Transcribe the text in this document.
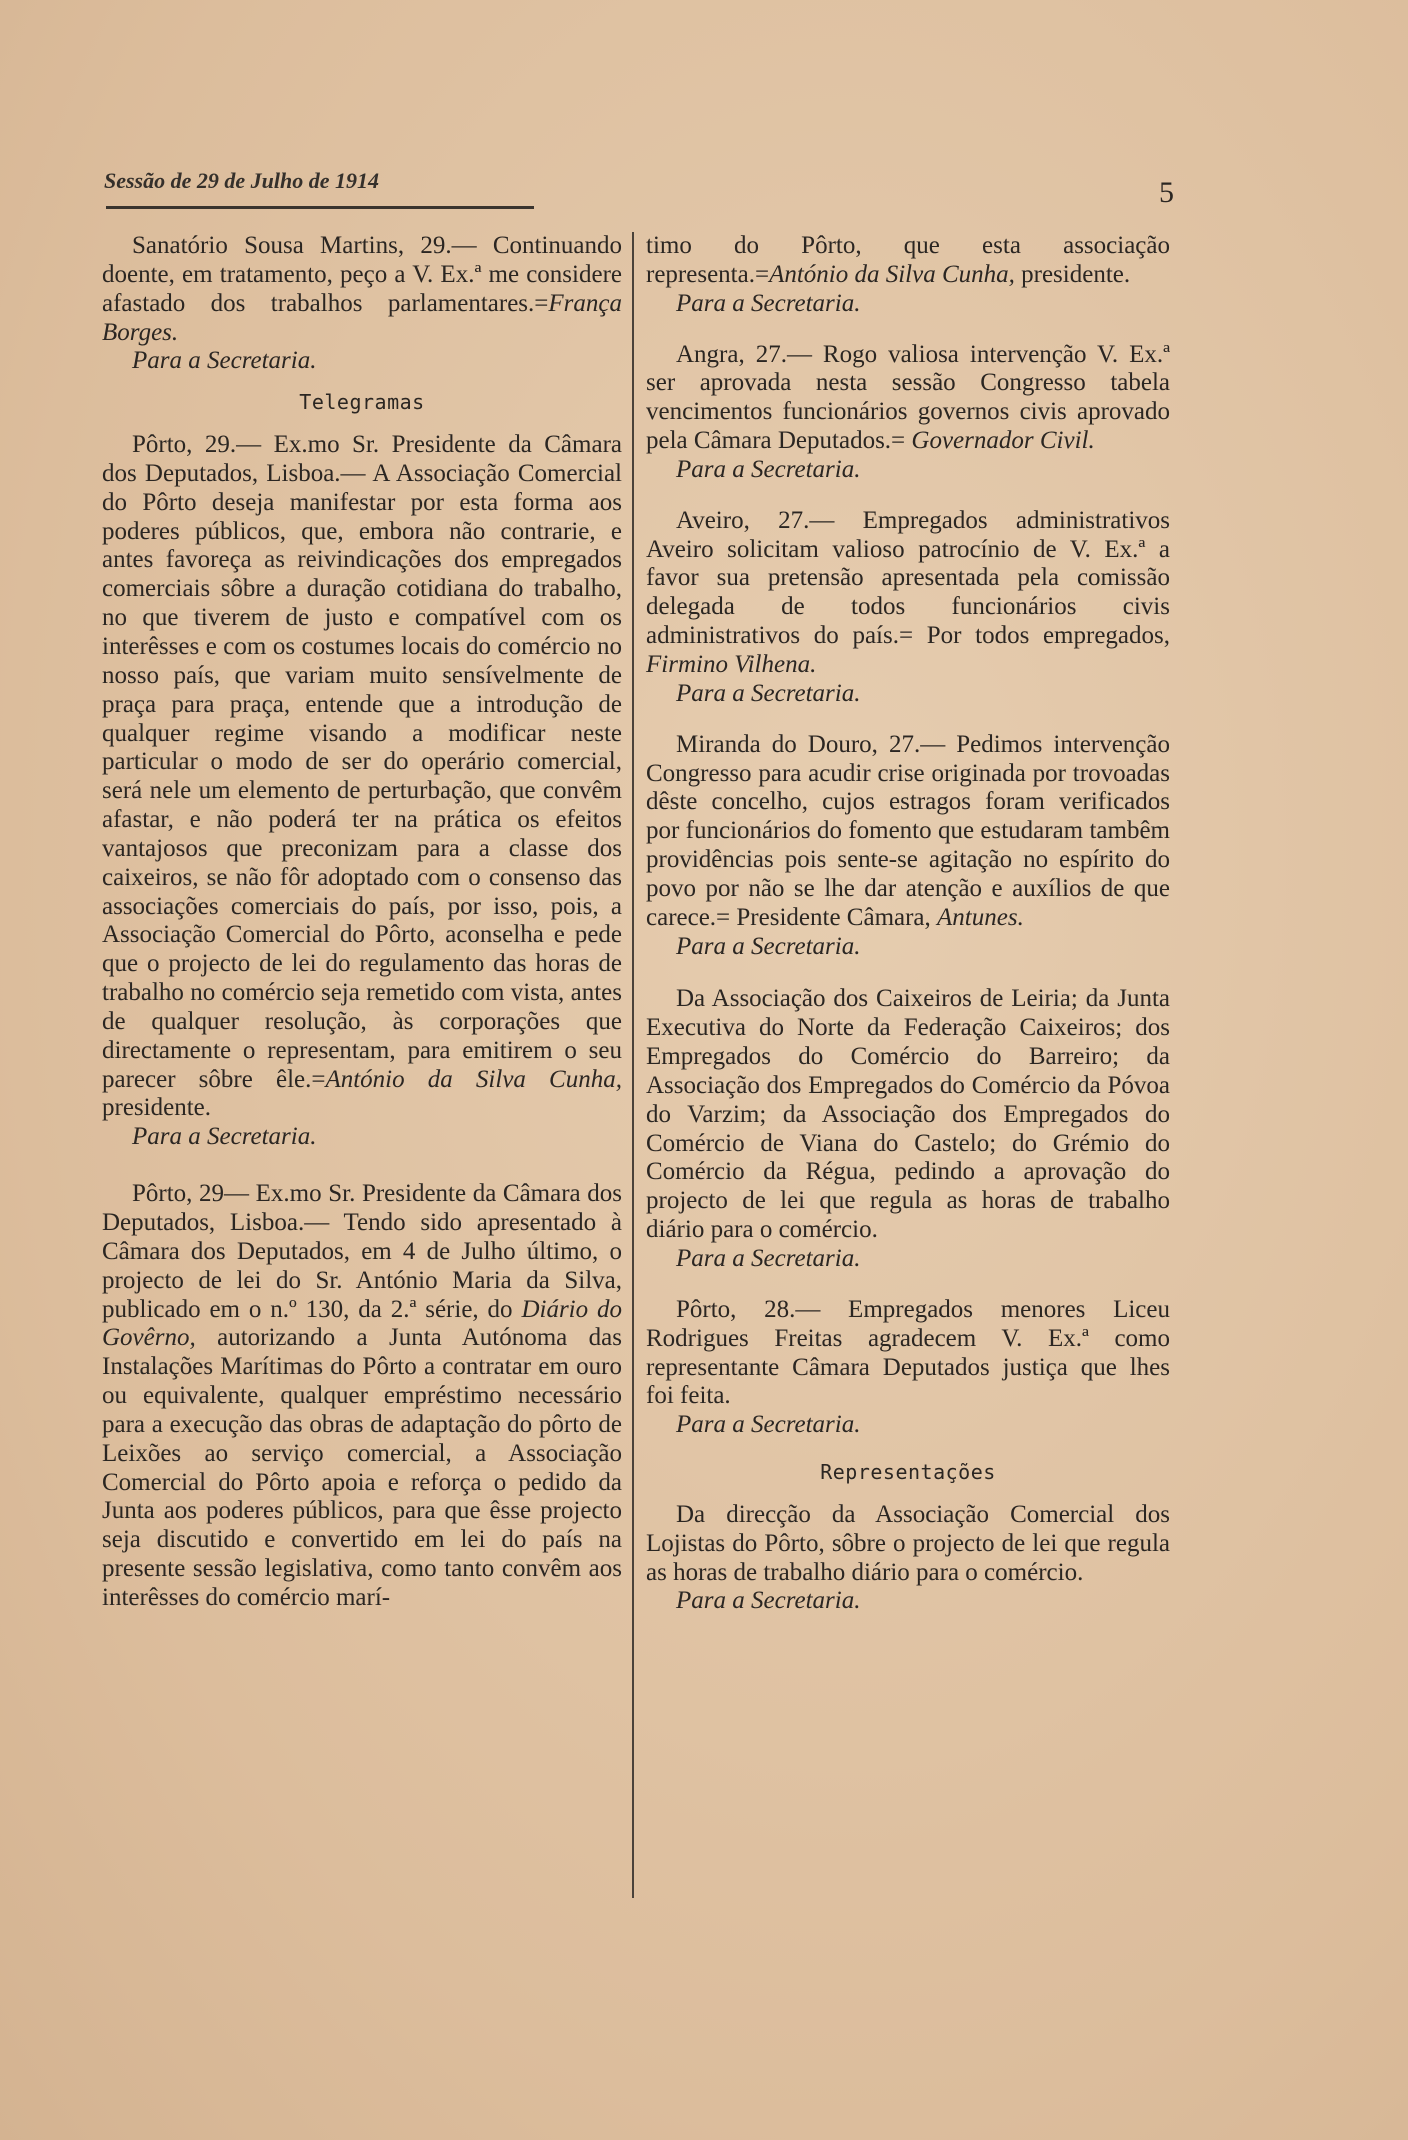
Sessão de 29 de Julho de 1914	5

Sanatório Sousa Martins, 29.— Continuando doente, em tratamento, peço a V. Ex.ª me considere afastado dos trabalhos parlamentares.=França Borges.

Para a Secretaria.

Telegramas

Pôrto, 29.— Ex.mo Sr. Presidente da Câmara dos Deputados, Lisboa.— A Associação Comercial do Pôrto deseja manifestar por esta forma aos poderes públicos, que, embora não contrarie, e antes favoreça as reivindicações dos empregados comerciais sôbre a duração cotidiana do trabalho, no que tiverem de justo e compatível com os interêsses e com os costumes locais do comércio no nosso país, que variam muito sensívelmente de praça para praça, entende que a introdução de qualquer regime visando a modificar neste particular o modo de ser do operário comercial, será nele um elemento de perturbação, que convêm afastar, e não poderá ter na prática os efeitos vantajosos que preconizam para a classe dos caixeiros, se não fôr adoptado com o consenso das associações comerciais do país, por isso, pois, a Associação Comercial do Pôrto, aconselha e pede que o projecto de lei do regulamento das horas de trabalho no comércio seja remetido com vista, antes de qualquer resolução, às corporações que directamente o representam, para emitirem o seu parecer sôbre êle.=António da Silva Cunha, presidente.

Para a Secretaria.

Pôrto, 29— Ex.mo Sr. Presidente da Câmara dos Deputados, Lisboa.— Tendo sido apresentado à Câmara dos Deputados, em 4 de Julho último, o projecto de lei do Sr. António Maria da Silva, publicado em o n.º 130, da 2.ª série, do Diário do Govêrno, autorizando a Junta Autónoma das Instalações Marítimas do Pôrto a contratar em ouro ou equivalente, qualquer empréstimo necessário para a execução das obras de adaptação do pôrto de Leixões ao serviço comercial, a Associação Comercial do Pôrto apoia e reforça o pedido da Junta aos poderes públicos, para que êsse projecto seja discutido e convertido em lei do país na presente sessão legislativa, como tanto convêm aos interêsses do comércio marí-

timo do Pôrto, que esta associação representa.=António da Silva Cunha, presidente.

Para a Secretaria.

Angra, 27.— Rogo valiosa intervenção V. Ex.ª ser aprovada nesta sessão Congresso tabela vencimentos funcionários governos civis aprovado pela Câmara Deputados.= Governador Civil.

Para a Secretaria.

Aveiro, 27.— Empregados administrativos Aveiro solicitam valioso patrocínio de V. Ex.ª a favor sua pretensão apresentada pela comissão delegada de todos funcionários civis administrativos do país.= Por todos empregados, Firmino Vilhena.

Para a Secretaria.

Miranda do Douro, 27.— Pedimos intervenção Congresso para acudir crise originada por trovoadas dêste concelho, cujos estragos foram verificados por funcionários do fomento que estudaram tambêm providências pois sente-se agitação no espírito do povo por não se lhe dar atenção e auxílios de que carece.= Presidente Câmara, Antunes.

Para a Secretaria.

Da Associação dos Caixeiros de Leiria; da Junta Executiva do Norte da Federação Caixeiros; dos Empregados do Comércio do Barreiro; da Associação dos Empregados do Comércio da Póvoa do Varzim; da Associação dos Empregados do Comércio de Viana do Castelo; do Grémio do Comércio da Régua, pedindo a aprovação do projecto de lei que regula as horas de trabalho diário para o comércio.

Para a Secretaria.

Pôrto, 28.— Empregados menores Liceu Rodrigues Freitas agradecem V. Ex.ª como representante Câmara Deputados justiça que lhes foi feita.

Para a Secretaria.

Representações

Da direcção da Associação Comercial dos Lojistas do Pôrto, sôbre o projecto de lei que regula as horas de trabalho diário para o comércio.

Para a Secretaria.
